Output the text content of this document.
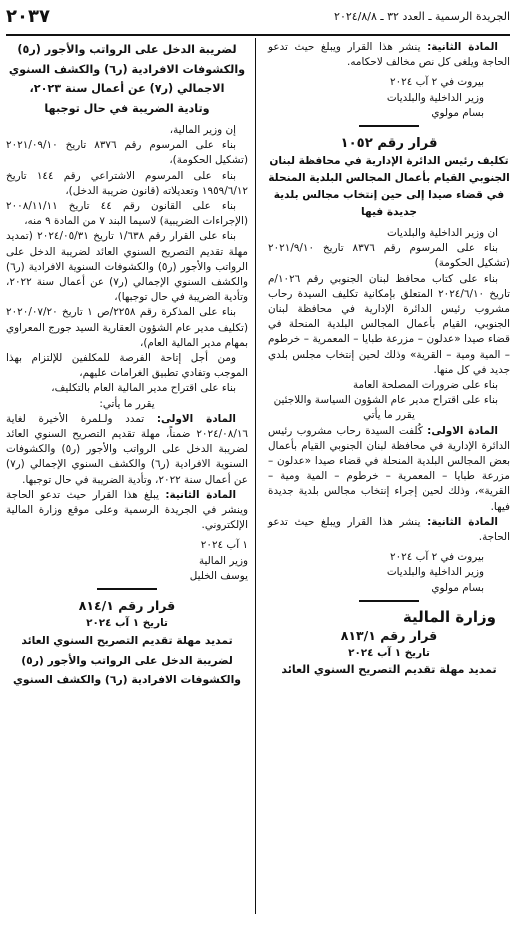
الجريدة الرسمية ـ العدد ٣٢ ـ ٢٠٢٤/٨/٨
٢٠٣٧

المادة الثانية: ينشر هذا القرار ويبلغ حيث تدعو الحاجة ويلغى كل نص مخالف لاحكامه.

بيروت في ٢ آب ٢٠٢٤

وزير الداخلية والبلديات

بسام مولوي

قرار رقم ١٠٥٢

تكليف رئيس الدائرة الإدارية في محافظة لبنان الجنوبي القيام بأعمال المجالس البلدية المنحلة في قضاء صيدا إلى حين إنتخاب مجالس بلدية جديدة فيها

ان وزير الداخلية والبلديات

بناء على المرسوم رقم ٨٣٧٦ تاريخ ٢٠٢١/٩/١٠ (تشكيل الحكومة)

بناء على كتاب محافظ لبنان الجنوبي رقم ١٠٢٦/م تاريخ ٢٠٢٤/٦/١٠ المتعلق بإمكانية تكليف السيدة رحاب مشروب رئيس الدائرة الإدارية في محافظة لبنان الجنوبي، القيام بأعمال المجالس البلدية المنحلة في قضاء صيدا «عدلون – مزرعة طبايا – المعمرية – خرطوم – المية ومية – القرية» وذلك لحين إنتخاب مجلس بلدي جديد في كل منها.

بناء على ضرورات المصلحة العامة

بناء على اقتراح مدير عام الشؤون السياسة واللاجئين

يقرر ما يأتي

المادة الاولى: كُلفت السيدة رحاب مشروب رئيس الدائرة الإدارية في محافظة لبنان الجنوبي القيام بأعمال بعض المجالس البلدية المنحلة في قضاء صيدا «عدلون – مزرعة طبايا – المعمرية – خرطوم – المية ومية – القرية»، وذلك لحين إجراء إنتخاب مجالس بلدية جديدة فيها.

المادة الثانية: ينشر هذا القرار ويبلغ حيث تدعو الحاجة.

بيروت في ٢ آب ٢٠٢٤

وزير الداخلية والبلديات

بسام مولوي

وزارة المالية

قرار رقم ٨١٣/١

تاريخ ١ آب ٢٠٢٤

تمديد مهلة تقديم التصريح السنوي العائد

لضريبة الدخل على الرواتب والأجور (ر٥)

والكشوفات الافرادية (ر٦) والكشف السنوي

الاجمالي (ر٧) عن أعمال سنة ٢٠٢٣،

وتادية الضريبة في حال توجبها

إن وزير المالية،

بناء على المرسوم رقم ٨٣٧٦ تاريخ ٢٠٢١/٠٩/١٠ (تشكيل الحكومة)،

بناء على المرسوم الاشتراعي رقم ١٤٤ تاريخ ١٩٥٩/٦/١٢ وتعديلاته (قانون ضريبة الدخل)،

بناء على القانون رقم ٤٤ تاريخ ٢٠٠٨/١١/١١ (الإجراءات الضريبية) لاسيما البند ٧ من المادة ٩ منه،

بناء على القرار رقم ١/٦٣٨ تاريخ ٢٠٢٤/٠٥/٣١ (تمديد مهلة تقديم التصريح السنوي العائد لضريبة الدخل على الرواتب والأجور (ر٥) والكشوفات السنوية الافرادية (ر٦) والكشف السنوي الإجمالي (ر٧) عن أعمال سنة ٢٠٢٢، وتأدية الضريبة في حال توجبها)،

بناء على المذكرة رقم ٢٢٥٨/ص ١ تاريخ ٢٠٢٠/٠٧/٢٠ (تكليف مدير عام الشؤون العقارية السيد جورج المعراوي بمهام مدير المالية العام)،

ومن أجل إتاحة الفرصة للمكلفين للإلتزام بهذا الموجب وتفادي تطبيق الغرامات عليهم،

بناء على اقتراح مدير المالية العام بالتكليف،

يقرر ما يأتي:

المادة الاولى: تمدد ولـلمرة الأخيرة لغاية ٢٠٢٤/٠٨/١٦ ضمناً، مهلة تقديم التصريح السنوي العائد لضريبة الدخل على الرواتب والأجور (ر٥) والكشوفات السنوية الافرادية (ر٦) والكشف السنوي الإجمالي (ر٧) عن أعمال سنة ٢٠٢٢، وتأدية الضريبة في حال توجبها.

المادة الثانية: يبلغ هذا القرار حيث تدعو الحاجة وينشر في الجريدة الرسمية وعلى موقع وزارة المالية الإلكتروني.

١ آب ٢٠٢٤

وزير المالية

يوسف الخليل

قرار رقم ٨١٤/١

تاريخ ١ آب ٢٠٢٤

تمديد مهلة تقديم التصريح السنوي العائد

لضريبة الدخل على الرواتب والأجور (ر٥)

والكشوفات الافرادية (ر٦) والكشف السنوي
